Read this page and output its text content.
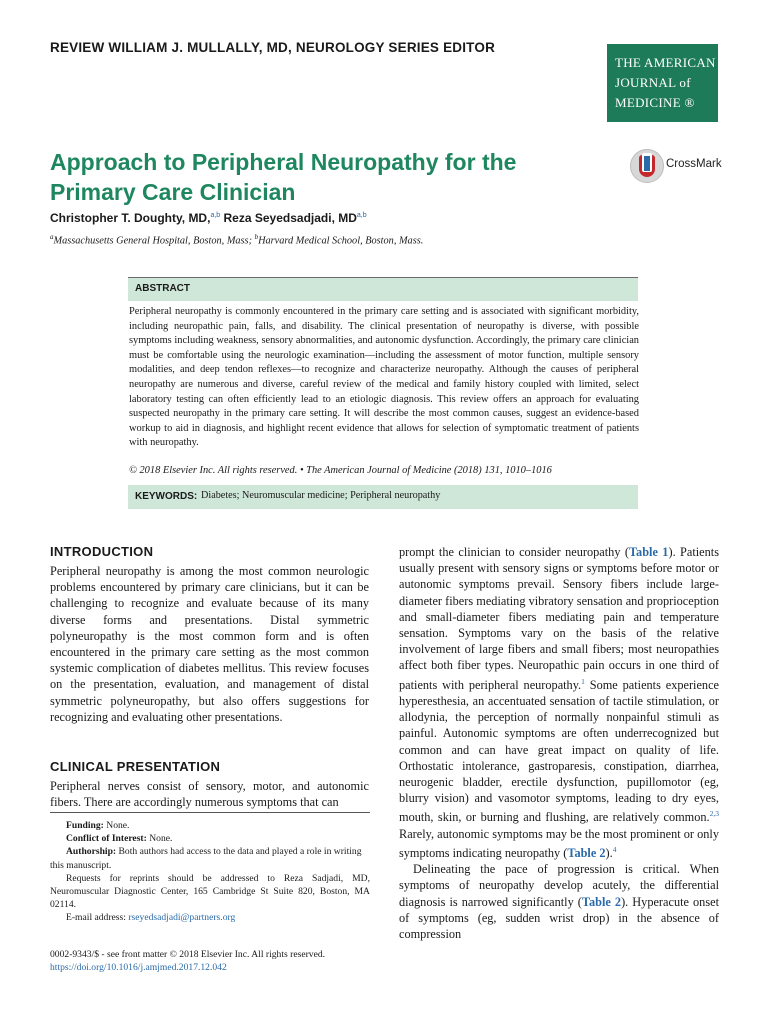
REVIEW WILLIAM J. MULLALLY, MD, NEUROLOGY SERIES EDITOR
THE AMERICAN
JOURNAL of
MEDICINE ®
Approach to Peripheral Neuropathy for the
Primary Care Clinician
CrossMark
Christopher T. Doughty, MD,$^{a,b}$ Reza Seyedsadjadi, MD$^{a,b}$
$^a$Massachusetts General Hospital, Boston, Mass; $^b$Harvard Medical School, Boston, Mass.
ABSTRACT
Peripheral neuropathy is commonly encountered in the primary care setting and is associated with significant morbidity, including neuropathic pain, falls, and disability. The clinical presentation of neuropathy is diverse, with possible symptoms including weakness, sensory abnormalities, and autonomic dysfunction. Accordingly, the primary care clinician must be comfortable using the neurologic examination—including the assessment of motor function, multiple sensory modalities, and deep tendon reflexes—to recognize and characterize neuropathy. Although the causes of peripheral neuropathy are numerous and diverse, careful review of the medical and family history coupled with limited, select laboratory testing can often efficiently lead to an etiologic diagnosis. This review offers an approach for evaluating suspected neuropathy in the primary care setting. It will describe the most common causes, suggest an evidence-based workup to aid in diagnosis, and highlight recent evidence that allows for selection of symptomatic treatment of patients with neuropathy.
© 2018 Elsevier Inc. All rights reserved. • The American Journal of Medicine (2018) 131, 1010–1016
KEYWORDS: Diabetes; Neuromuscular medicine; Peripheral neuropathy
INTRODUCTION

Peripheral neuropathy is among the most common neurologic problems encountered by primary care clinicians, but it can be challenging to recognize and evaluate because of its many diverse forms and presentations. Distal symmetric polyneuropathy is the most common form and is often encountered in the primary care setting as the most common systemic complication of diabetes mellitus. This review focuses on the presentation, evaluation, and management of distal symmetric polyneuropathy, but also offers suggestions for recognizing and evaluating other presentations.

CLINICAL PRESENTATION

Peripheral nerves consist of sensory, motor, and autonomic fibers. There are accordingly numerous symptoms that can

Funding: None.

Conflict of Interest: None.

Authorship: Both authors had access to the data and played a role in writing this manuscript.

Requests for reprints should be addressed to Reza Sadjadi, MD, Neuromuscular Diagnostic Center, 165 Cambridge St Suite 820, Boston, MA 02114.

E-mail address: rseyedsadjadi@partners.org

0002-9343/$ - see front matter © 2018 Elsevier Inc. All rights reserved.
https://doi.org/10.1016/j.amjmed.2017.12.042

prompt the clinician to consider neuropathy (Table 1). Patients usually present with sensory signs or symptoms before motor or autonomic symptoms prevail. Sensory fibers include large-diameter fibers mediating vibratory sensation and proprioception and small-diameter fibers mediating pain and temperature sensation. Symptoms vary on the basis of the relative involvement of large fibers and small fibers; most neuropathies affect both fiber types. Neuropathic pain occurs in one third of patients with peripheral neuropathy.$^1$ Some patients experience hyperesthesia, an accentuated sensation of tactile stimulation, or allodynia, the perception of normally nonpainful stimuli as painful. Autonomic symptoms are often underrecognized but common and can have great impact on quality of life. Orthostatic intolerance, gastroparesis, constipation, diarrhea, neurogenic bladder, erectile dysfunction, pupillomotor (eg, blurry vision) and vasomotor symptoms, leading to dry eyes, mouth, skin, or burning and flushing, are relatively common.$^{2,3}$ Rarely, autonomic symptoms may be the most prominent or only symptoms indicating neuropathy (Table 2).$^4$

Delineating the pace of progression is critical. When symptoms of neuropathy develop acutely, the differential diagnosis is narrowed significantly (Table 2). Hyperacute onset of symptoms (eg, sudden wrist drop) in the absence of compression
